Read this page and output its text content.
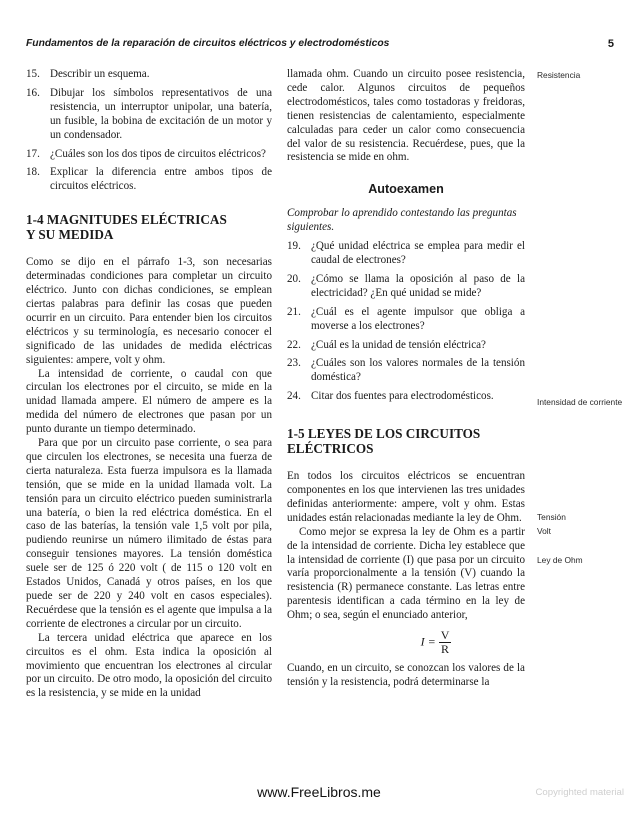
Fundamentos de la reparación de circuitos eléctricos y electrodomésticos	5
15. Describir un esquema.
16. Dibujar los símbolos representativos de una resistencia, un interruptor unipolar, una batería, un fusible, la bobina de excitación de un motor y un condensador.
17. ¿Cuáles son los dos tipos de circuitos eléctricos?
18. Explicar la diferencia entre ambos tipos de circuitos eléctricos.
1-4 MAGNITUDES ELÉCTRICAS
Y SU MEDIDA

Como se dijo en el párrafo 1-3, son necesarias determinadas condiciones para completar un circuito eléctrico. Junto con dichas condiciones, se emplean ciertas palabras para definir las cosas que pueden ocurrir en un circuito. Para entender bien los circuitos eléctricos y su terminología, es necesario conocer el significado de las unidades de medida eléctricas siguientes: ampere, volt y ohm.

La intensidad de corriente, o caudal con que circulan los electrones por el circuito, se mide en la unidad llamada ampere. El número de ampere es la medida del número de electrones que pasan por un punto durante un tiempo determinado.

Para que por un circuito pase corriente, o sea para que circulen los electrones, se necesita una fuerza de cierta naturaleza. Esta fuerza impulsora es la llamada tensión, que se mide en la unidad llamada volt. La tensión para un circuito eléctrico pueden suministrarla una batería, o bien la red eléctrica doméstica. En el caso de las baterías, la tensión vale 1,5 volt por pila, pudiendo reunirse un número ilimitado de éstas para conseguir tensiones mayores. La tensión doméstica suele ser de 125 ó 220 volt ( de 115 o 120 volt en Estados Unidos, Canadá y otros países, en los que puede ser de 220 y 240 volt en casos especiales). Recuérdese que la tensión es el agente que impulsa a la corriente de electrones a circular por un circuito.

La tercera unidad eléctrica que aparece en los circuitos es el ohm. Esta indica la oposición al movimiento que encuentran los electrones al circular por un circuito. De otro modo, la oposición del circuito es la resistencia, y se mide en la unidad

llamada ohm. Cuando un circuito posee resistencia, cede calor. Algunos circuitos de pequeños electrodomésticos, tales como tostadoras y freidoras, tienen resistencias de calentamiento, especialmente calculadas para ceder un calor como consecuencia del valor de su resistencia. Recuérdese, pues, que la resistencia se mide en ohm.

Autoexamen
Comprobar lo aprendido contestando las preguntas siguientes.
19. ¿Qué unidad eléctrica se emplea para medir el caudal de electrones?
20. ¿Cómo se llama la oposición al paso de la electricidad? ¿En qué unidad se mide?
21. ¿Cuál es el agente impulsor que obliga a moverse a los electrones?
22. ¿Cuál es la unidad de tensión eléctrica?
23. ¿Cuáles son los valores normales de la tensión doméstica?
24. Citar dos fuentes para electrodomésticos.
1-5 LEYES DE LOS CIRCUITOS
ELÉCTRICOS

En todos los circuitos eléctricos se encuentran componentes en los que intervienen las tres unidades definidas anteriormente: ampere, volt y ohm. Estas unidades están relacionadas mediante la ley de Ohm.

Como mejor se expresa la ley de Ohm es a partir de la intensidad de corriente. Dicha ley establece que la intensidad de corriente (I) que pasa por un circuito varía proporcionalmente a la tensión (V) cuando la resistencia (R) permanece constante. Las letras entre parentesis identifican a cada término en la ley de Ohm; o sea, según el enunciado anterior,

$I = \frac{V}{R}$

Cuando, en un circuito, se conozcan los valores de la tensión y la resistencia, podrá determinarse la

Resistencia
Intensidad de corriente
Tensión
Volt
Ley de Ohm
www.FreeLibros.me	Copyrighted material
